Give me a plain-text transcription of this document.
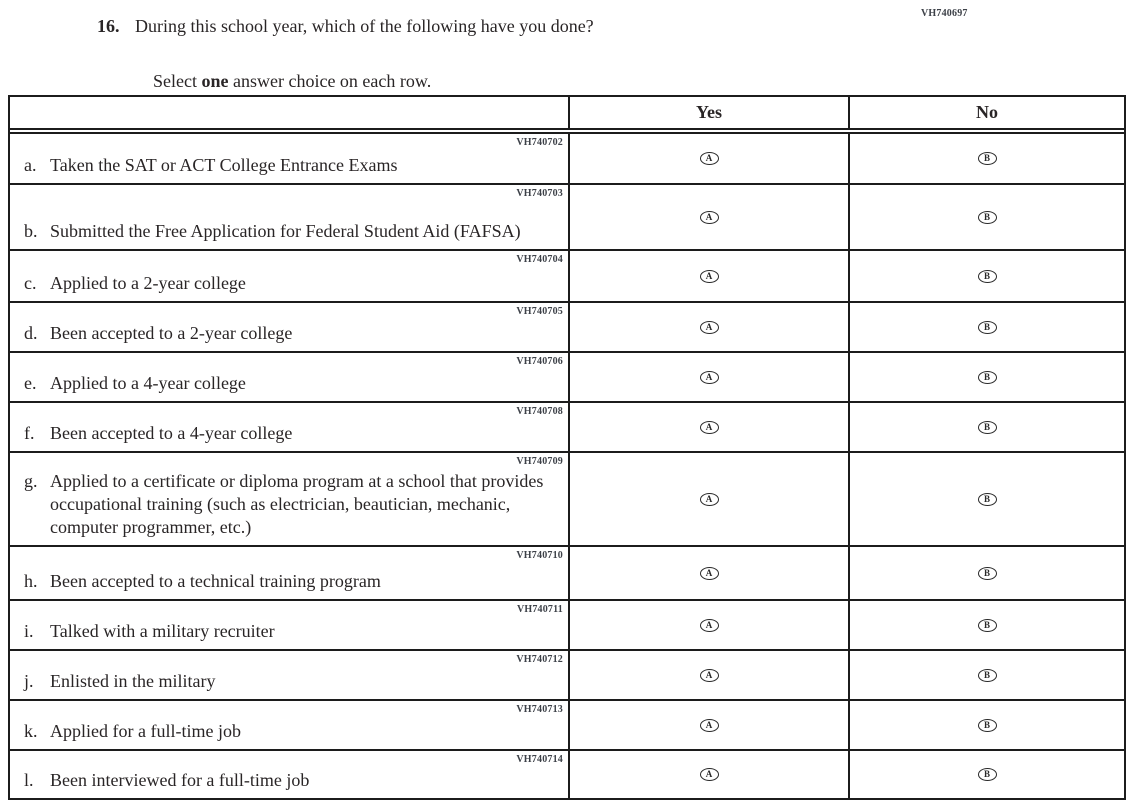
VH740697
16. During this school year, which of the following have you done?

Select one answer choice on each row.

Yes	No
VH740702
a. Taken the SAT or ACT College Entrance Exams	A	B
VH740703
b. Submitted the Free Application for Federal Student Aid (FAFSA)
A	B
VH740704
c. Applied to a 2-year college	A	B
VH740705
d. Been accepted to a 2-year college	A	B
VH740706
e. Applied to a 4-year college	A	B
VH740708
f. Been accepted to a 4-year college	A	B
VH740709
g. Applied to a certificate or diploma program at a school that provides occupational training (such as electrician, beautician, mechanic, computer programmer, etc.)
A	B
VH740710
h. Been accepted to a technical training program	A	B
VH740711
i. Talked with a military recruiter	A	B
VH740712
j. Enlisted in the military	A	B
VH740713
k. Applied for a full-time job	A	B
VH740714
l. Been interviewed for a full-time job	A	B
